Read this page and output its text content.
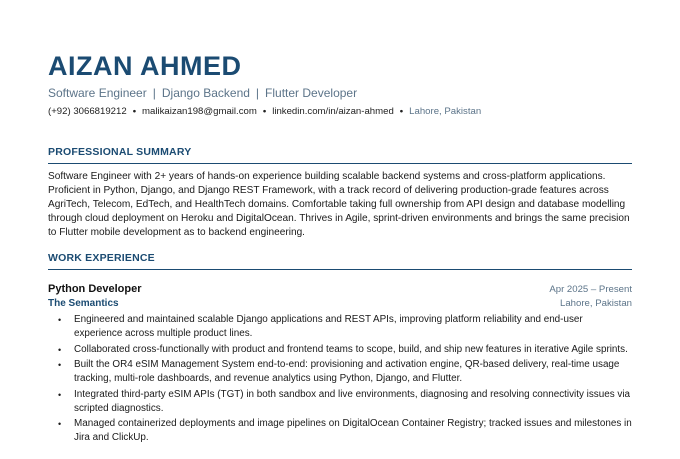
AIZAN AHMED
Software Engineer | Django Backend | Flutter Developer
(+92) 3066819212 • malikaizan198@gmail.com • linkedin.com/in/aizan-ahmed • Lahore, Pakistan
PROFESSIONAL SUMMARY
Software Engineer with 2+ years of hands-on experience building scalable backend systems and cross-platform applications. Proficient in Python, Django, and Django REST Framework, with a track record of delivering production-grade features across AgriTech, Telecom, EdTech, and HealthTech domains. Comfortable taking full ownership from API design and database modelling through cloud deployment on Heroku and DigitalOcean. Thrives in Agile, sprint-driven environments and brings the same precision to Flutter mobile development as to backend engineering.
WORK EXPERIENCE
Python Developer	Apr 2025 – Present
The Semantics	Lahore, Pakistan
• Engineered and maintained scalable Django applications and REST APIs, improving platform reliability and end-user experience across multiple product lines.
• Collaborated cross-functionally with product and frontend teams to scope, build, and ship new features in iterative Agile sprints.
• Built the OR4 eSIM Management System end-to-end: provisioning and activation engine, QR-based delivery, real-time usage tracking, multi-role dashboards, and revenue analytics using Python, Django, and Flutter.
• Integrated third-party eSIM APIs (TGT) in both sandbox and live environments, diagnosing and resolving connectivity issues via scripted diagnostics.
• Managed containerized deployments and image pipelines on DigitalOcean Container Registry; tracked issues and milestones in Jira and ClickUp.
